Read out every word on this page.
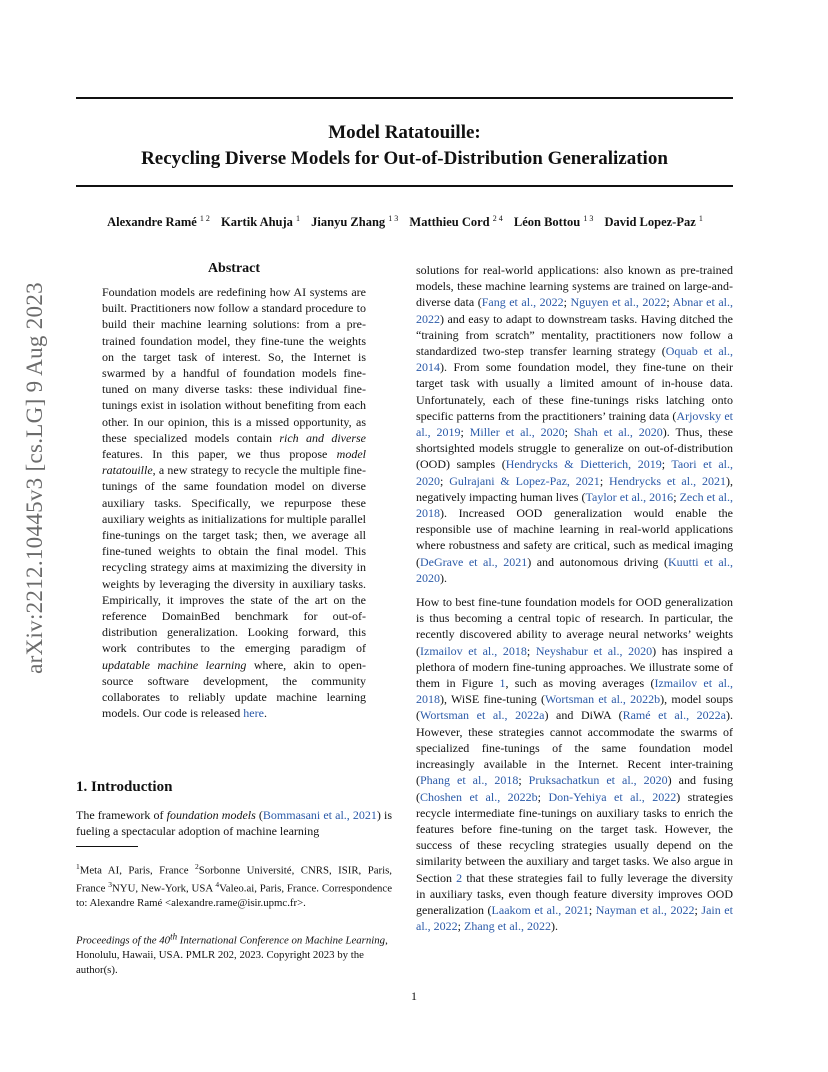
Model Ratatouille:
Recycling Diverse Models for Out-of-Distribution Generalization
Alexandre Ramé $^{1 2}$ Kartik Ahuja $^1$ Jianyu Zhang $^{1 3}$ Matthieu Cord $^{2 4}$ Léon Bottou $^{1 3}$ David Lopez-Paz $^1$
arXiv:2212.10445v3 [cs.LG] 9 Aug 2023
Abstract
Foundation models are redefining how AI systems are built. Practitioners now follow a standard procedure to build their machine learning solutions: from a pre-trained foundation model, they fine-tune the weights on the target task of interest. So, the Internet is swarmed by a handful of foundation models fine-tuned on many diverse tasks: these individual fine-tunings exist in isolation without benefiting from each other. In our opinion, this is a missed opportunity, as these specialized models contain rich and diverse features. In this paper, we thus propose model ratatouille, a new strategy to recycle the multiple fine-tunings of the same foundation model on diverse auxiliary tasks. Specifically, we repurpose these auxiliary weights as initializations for multiple parallel fine-tunings on the target task; then, we average all fine-tuned weights to obtain the final model. This recycling strategy aims at maximizing the diversity in weights by leveraging the diversity in auxiliary tasks. Empirically, it improves the state of the art on the reference DomainBed benchmark for out-of-distribution generalization. Looking forward, this work contributes to the emerging paradigm of updatable machine learning where, akin to open-source software development, the community collaborates to reliably update machine learning models. Our code is released here.
1. Introduction
The framework of foundation models (Bommasani et al., 2021) is fueling a spectacular adoption of machine learning
$^1$Meta AI, Paris, France $^2$Sorbonne Université, CNRS, ISIR, Paris, France $^3$NYU, New-York, USA $^4$Valeo.ai, Paris, France. Correspondence to: Alexandre Ramé <alexandre.rame@isir.upmc.fr>.
Proceedings of the 40th International Conference on Machine Learning, Honolulu, Hawaii, USA. PMLR 202, 2023. Copyright 2023 by the author(s).

solutions for real-world applications: also known as pre-trained models, these machine learning systems are trained on large-and-diverse data (Fang et al., 2022; Nguyen et al., 2022; Abnar et al., 2022) and easy to adapt to downstream tasks. Having ditched the “training from scratch” mentality, practitioners now follow a standardized two-step transfer learning strategy (Oquab et al., 2014). From some foundation model, they fine-tune on their target task with usually a limited amount of in-house data. Unfortunately, each of these fine-tunings risks latching onto specific patterns from the practitioners’ training data (Arjovsky et al., 2019; Miller et al., 2020; Shah et al., 2020). Thus, these shortsighted models struggle to generalize on out-of-distribution (OOD) samples (Hendrycks & Dietterich, 2019; Taori et al., 2020; Gulrajani & Lopez-Paz, 2021; Hendrycks et al., 2021), negatively impacting human lives (Taylor et al., 2016; Zech et al., 2018). Increased OOD generalization would enable the responsible use of machine learning in real-world applications where robustness and safety are critical, such as medical imaging (DeGrave et al., 2021) and autonomous driving (Kuutti et al., 2020).

How to best fine-tune foundation models for OOD generalization is thus becoming a central topic of research. In particular, the recently discovered ability to average neural networks’ weights (Izmailov et al., 2018; Neyshabur et al., 2020) has inspired a plethora of modern fine-tuning approaches. We illustrate some of them in Figure 1, such as moving averages (Izmailov et al., 2018), WiSE fine-tuning (Wortsman et al., 2022b), model soups (Wortsman et al., 2022a) and DiWA (Ramé et al., 2022a). However, these strategies cannot accommodate the swarms of specialized fine-tunings of the same foundation model increasingly available in the Internet. Recent inter-training (Phang et al., 2018; Pruksachatkun et al., 2020) and fusing (Choshen et al., 2022b; Don-Yehiya et al., 2022) strategies recycle intermediate fine-tunings on auxiliary tasks to enrich the features before fine-tuning on the target task. However, the success of these recycling strategies usually depend on the similarity between the auxiliary and target tasks. We also argue in Section 2 that these strategies fail to fully leverage the diversity in auxiliary tasks, even though feature diversity improves OOD generalization (Laakom et al., 2021; Nayman et al., 2022; Jain et al., 2022; Zhang et al., 2022).

1
